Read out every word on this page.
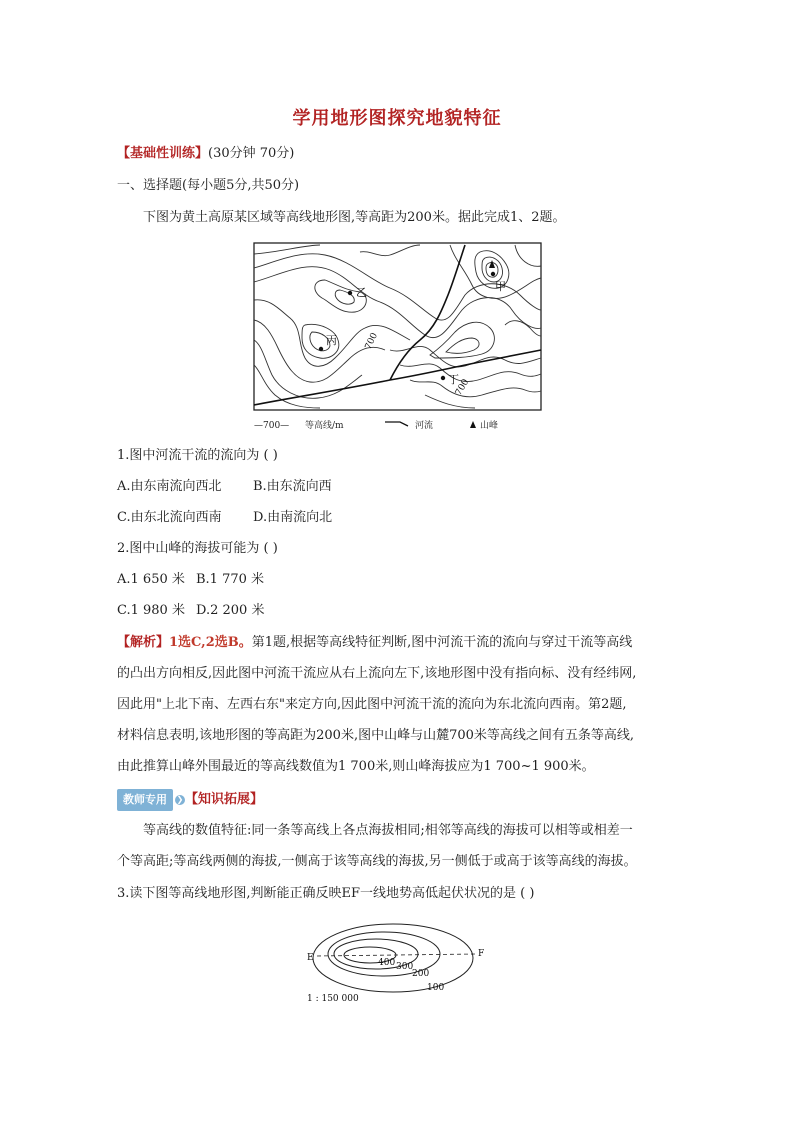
学用地形图探究地貌特征
【基础性训练】(30分钟 70分)
一、选择题(每小题5分,共50分)
下图为黄土高原某区域等高线地形图,等高距为200米。据此完成1、2题。
乙
丙
甲
丁
700
700
—700— 等高线/m	河流	山峰
1.图中河流干流的流向为 ( )
A.由东南流向西北 B.由东流向西
C.由东北流向西南 D.由南流向北
2.图中山峰的海拔可能为 ( )
A.1 650 米 B.1 770 米
C.1 980 米 D.2 200 米
【解析】1选C,2选B。第1题,根据等高线特征判断,图中河流干流的流向与穿过干流等高线
的凸出方向相反,因此图中河流干流应从右上流向左下,该地形图中没有指向标、没有经纬网,
因此用"上北下南、左西右东"来定方向,因此图中河流干流的流向为东北流向西南。第2题,
材料信息表明,该地形图的等高距为200米,图中山峰与山麓700米等高线之间有五条等高线,
由此推算山峰外围最近的等高线数值为1 700米,则山峰海拔应为1 700~1 900米。
教师专用 ❯ 【知识拓展】
等高线的数值特征:同一条等高线上各点海拔相同;相邻等高线的海拔可以相等或相差一
个等高距;等高线两侧的海拔,一侧高于该等高线的海拔,另一侧低于或高于该等高线的海拔。
3.读下图等高线地形图,判断能正确反映EF一线地势高低起伏状况的是 ( )
E	F
400 300
200
100
1 : 150 000
